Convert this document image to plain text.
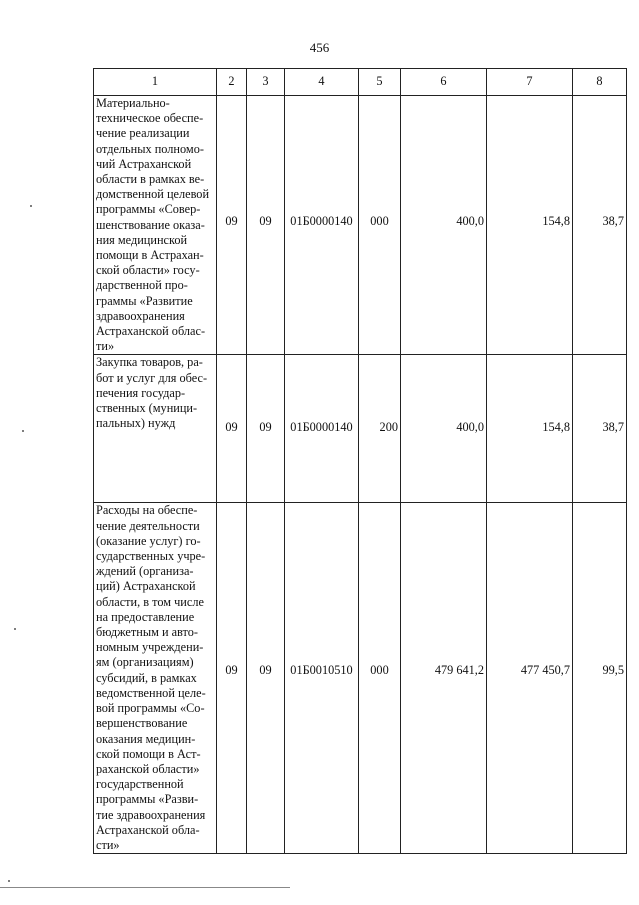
456
1	2	3	4	5	6	7	8
Материально-техническое обеспе-чение реализации отдельных полномо-чий Астраханской области в рамках ве-домственной целевой программы «Совер-шенствование оказа-ния медицинской помощи в Астрахан-ской области» госу-дарственной про-граммы «Развитие здравоохранения Астраханской облас-ти»	09	09	01Б0000140	000	400,0	154,8	38,7
Закупка товаров, ра-бот и услуг для обес-печения государ-ственных (муници-пальных) нужд	09	09	01Б0000140	200	400,0	154,8	38,7
Расходы на обеспе-чение деятельности (оказание услуг) го-сударственных учре-ждений (организа-ций) Астраханской области, в том числе на предоставление бюджетным и авто-номным учреждени-ям (организациям) субсидий, в рамках ведомственной целе-вой программы «Со-вершенствование оказания медицин-ской помощи в Аст-раханской области» государственной программы «Разви-тие здравоохранения Астраханской обла-сти»	09	09	01Б0010510	000	479 641,2	477 450,7	99,5
